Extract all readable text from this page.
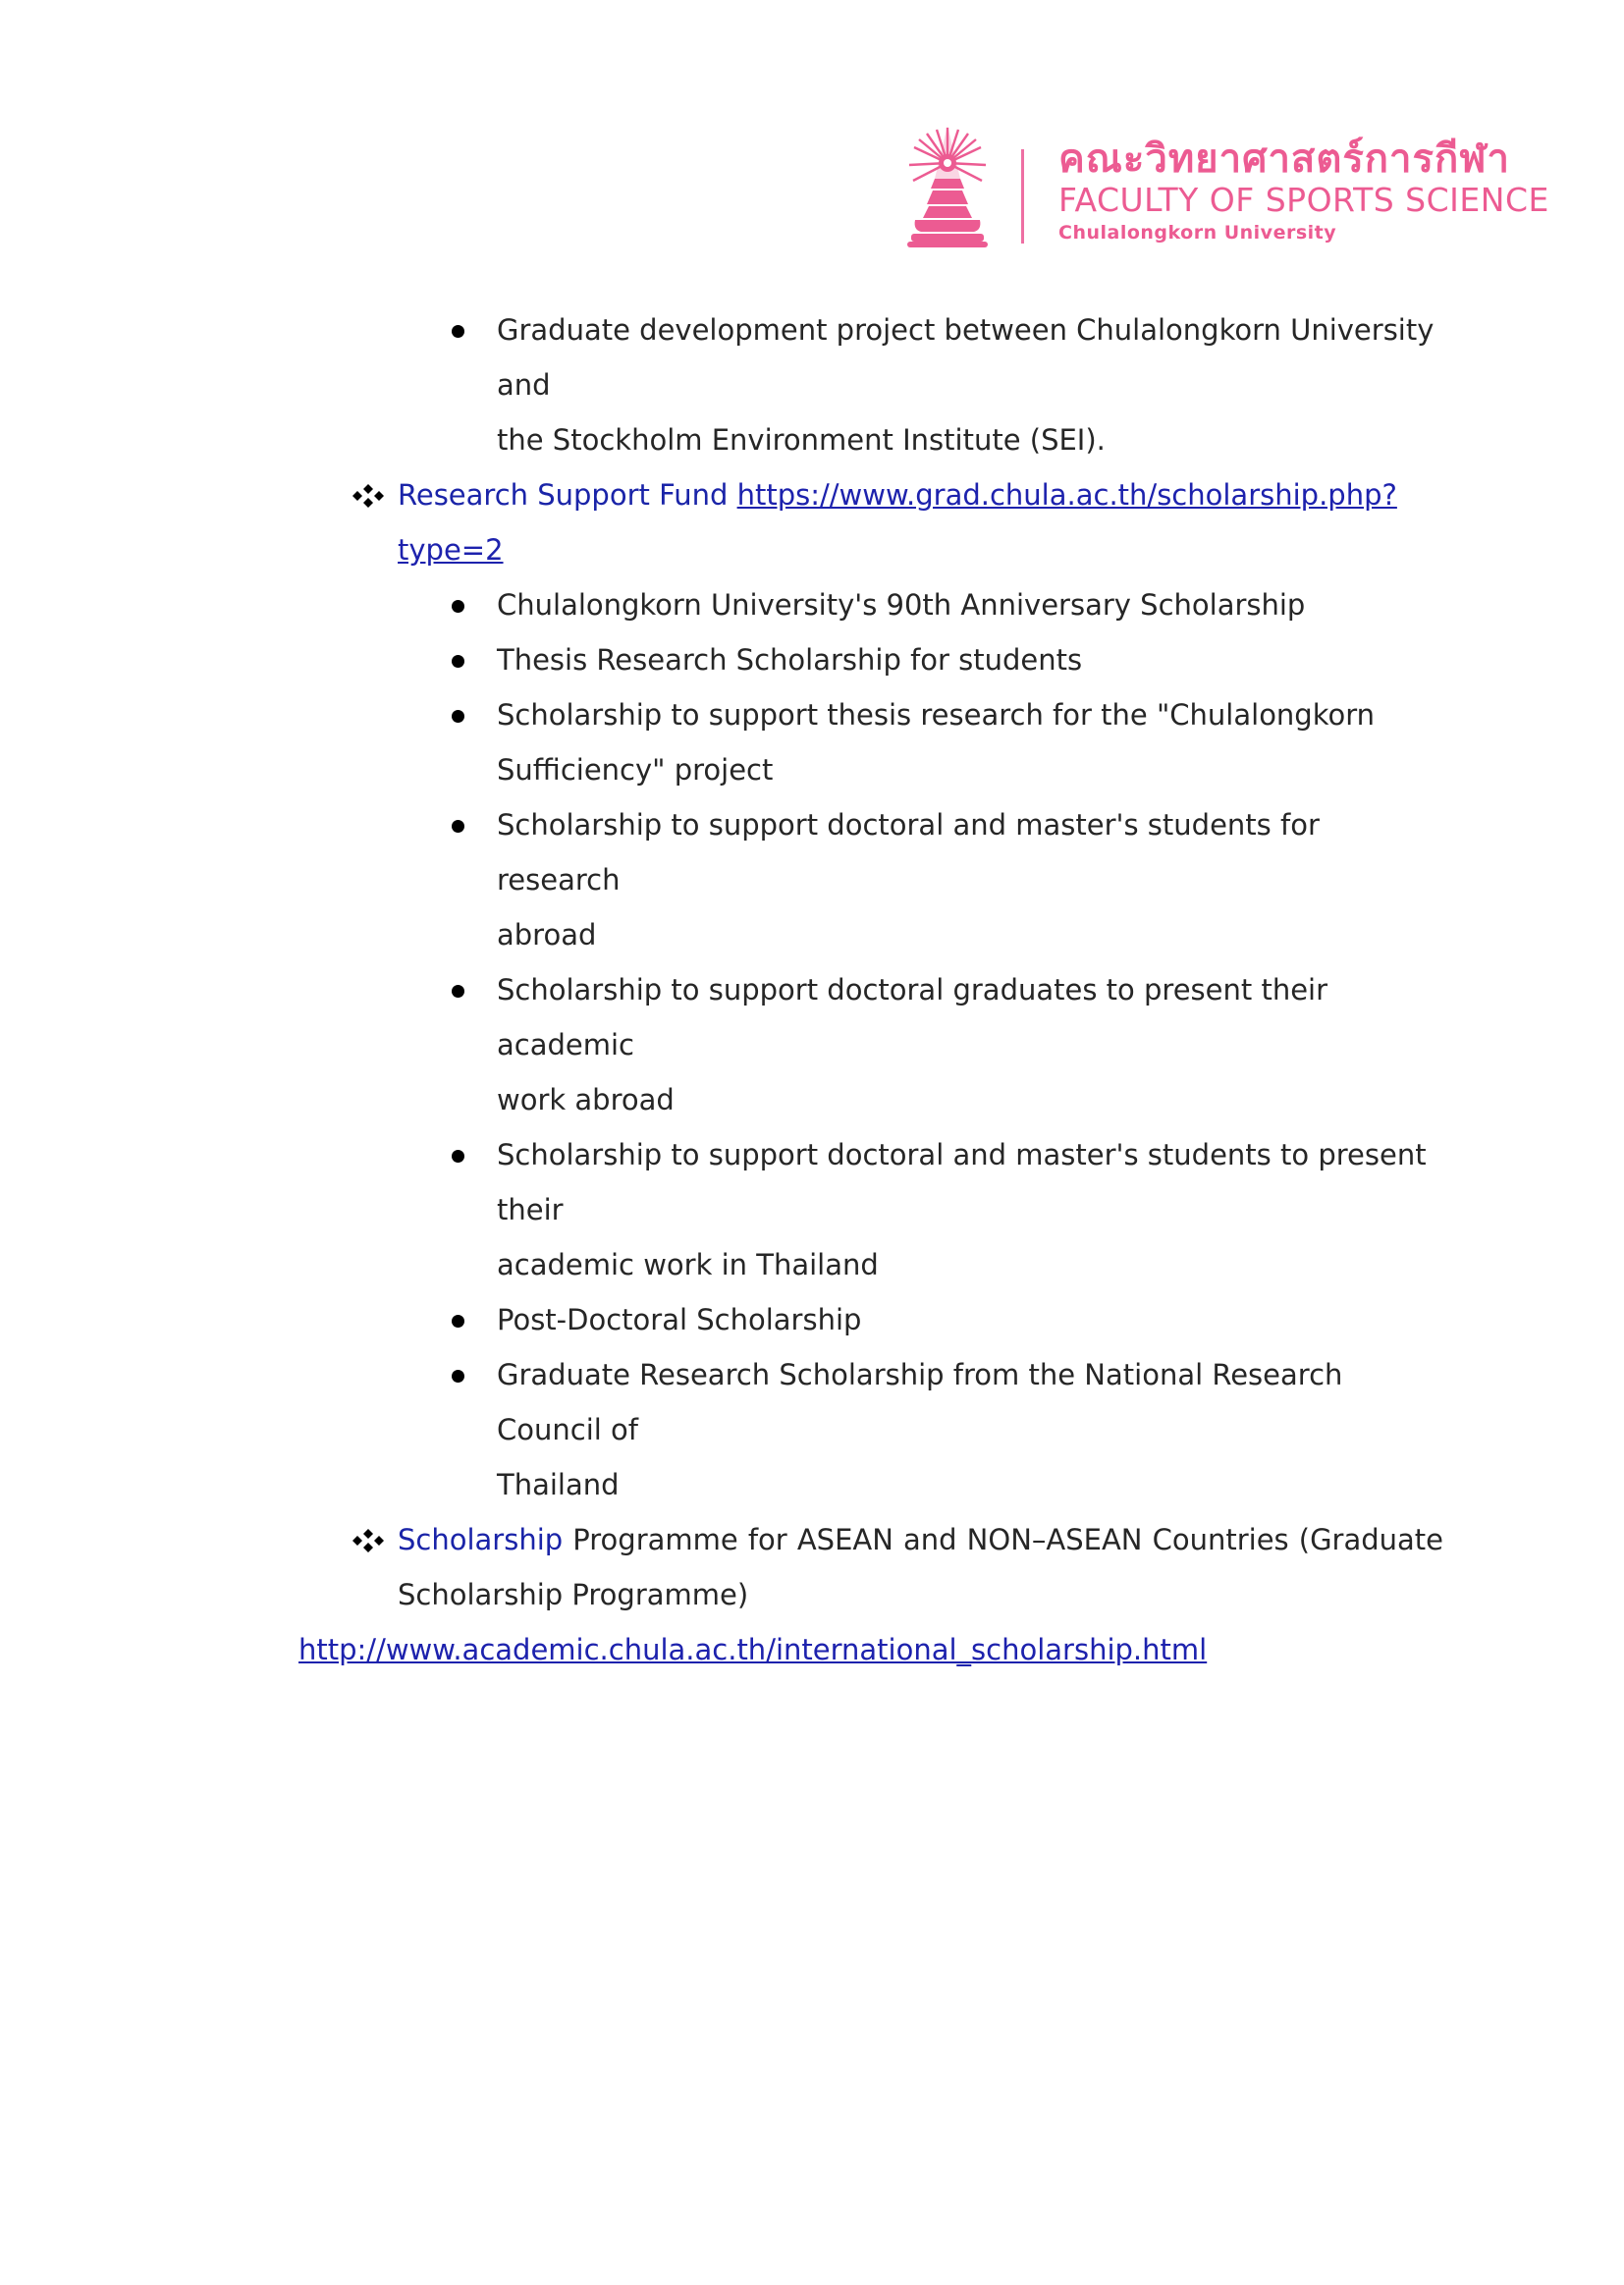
คณะวิทยาศาสตร์การกีฬา
FACULTY OF SPORTS SCIENCE
Chulalongkorn University
Graduate development project between Chulalongkorn University and
the Stockholm Environment Institute (SEI).
Research Support Fund https://www.grad.chula.ac.th/scholarship.php?type=2
Chulalongkorn University's 90th Anniversary Scholarship
Thesis Research Scholarship for students
Scholarship to support thesis research for the "Chulalongkorn
Sufficiency" project
Scholarship to support doctoral and master's students for research
abroad
Scholarship to support doctoral graduates to present their academic
work abroad
Scholarship to support doctoral and master's students to present their
academic work in Thailand
Post-Doctoral Scholarship
Graduate Research Scholarship from the National Research Council of
Thailand
Scholarship Programme for ASEAN and NON–ASEAN Countries (Graduate
Scholarship Programme)
http://www.academic.chula.ac.th/international_scholarship.html
